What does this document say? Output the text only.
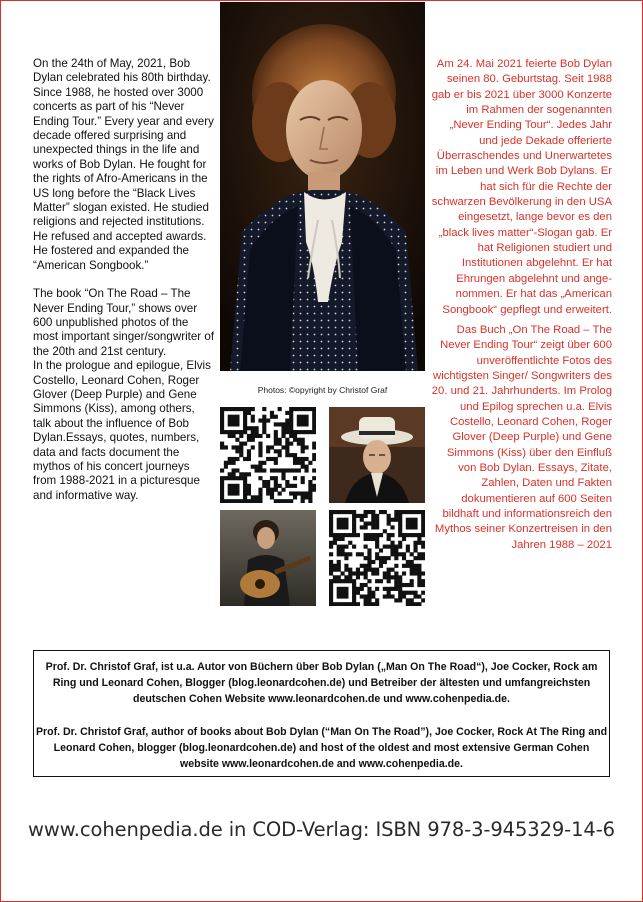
On the 24th of May, 2021, Bob Dylan celebrated his 80th birthday.

Since 1988, he hosted over 3000 concerts as part of his “Never Ending Tour.” Every year and every decade offered surprising and unexpected things in the life and works of Bob Dylan. He fought for the rights of Afro-Americans in the US long before the “Black Lives Matter” slogan existed. He studied religions and rejected institutions. He refused and accepted awards. He fostered and expanded the “American Songbook.”

The book “On The Road – The Never Ending Tour,” shows over 600 unpublished photos of the most important singer/songwriter of the 20th and 21st century.

In the prologue and epilogue, Elvis Costello, Leonard Cohen, Roger Glover (Deep Purple) and Gene Simmons (Kiss), among others, talk about the influence of Bob Dylan.Essays, quotes, numbers, data and facts document the mythos of his concert journeys from 1988-2021 in a picturesque and informative way.

Am 24. Mai 2021 feierte Bob Dylan seinen 80. Geburtstag. Seit 1988 gab er bis 2021 über 3000 Konzerte im Rahmen der sogenannten „Never Ending Tour“. Jedes Jahr und jede Dekade offerierte Überraschendes und Unerwartetes im Leben und Werk Bob Dylans. Er hat sich für die Rechte der schwarzen Bevölkerung in den USA eingesetzt, lange bevor es den „black lives matter“-Slogan gab. Er hat Religionen studiert und Institutionen abgelehnt. Er hat Ehrungen abgelehnt und ange-nommen. Er hat das „American Songbook“ gepflegt und erweitert.

Das Buch „On The Road – The Never Ending Tour“ zeigt über 600 unveröffentlichte Fotos des wichtigsten Singer/ Songwriters des 20. und 21. Jahrhunderts. Im Prolog und Epilog sprechen u.a. Elvis Costello, Leonard Cohen, Roger Glover (Deep Purple) und Gene Simmons (Kiss) über den Einfluß von Bob Dylan. Essays, Zitate, Zahlen, Daten und Fakten dokumentieren auf 600 Seiten bildhaft und informationsreich den Mythos seiner Konzertreisen in den Jahren 1988 – 2021

Photos: ©opyright by Christof Graf

Prof. Dr. Christof Graf, ist u.a. Autor von Büchern über Bob Dylan („Man On The Road“), Joe Cocker, Rock am Ring und Leonard Cohen, Blogger (blog.leonardcohen.de) und Betreiber der ältesten und umfangreichsten deutschen Cohen Website www.leonardcohen.de und www.cohenpedia.de.

Prof. Dr. Christof Graf, author of books about Bob Dylan (“Man On The Road”), Joe Cocker, Rock At The Ring and Leonard Cohen, blogger (blog.leonardcohen.de) and host of the oldest and most extensive German Cohen website www.leonardcohen.de and www.cohenpedia.de.

www.cohenpedia.de in COD-Verlag: ISBN 978-3-945329-14-6
